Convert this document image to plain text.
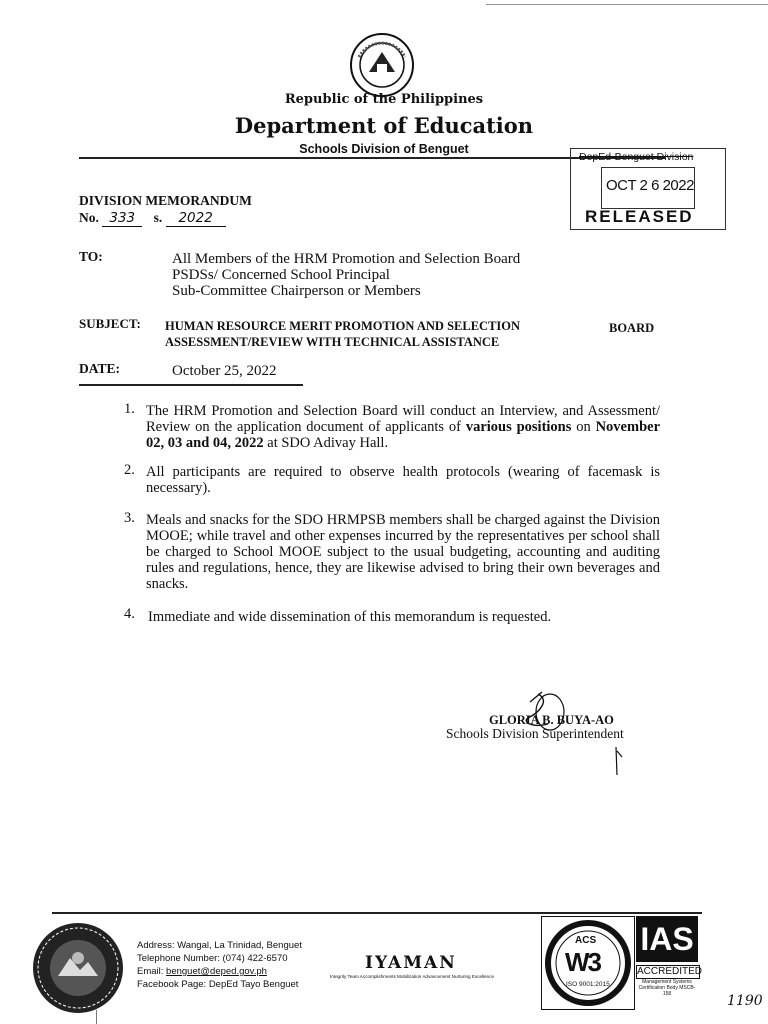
Republic of the Philippines
Department of Education
Schools Division of Benguet
DepEd-Benguet Division
OCT 2 6 2022
RELEASED
DIVISION MEMORANDUM
No. 333 s. 2022
TO:	All Members of the HRM Promotion and Selection Board
PSDSs/ Concerned School Principal
Sub-Committee Chairperson or Members
SUBJECT: HUMAN RESOURCE MERIT PROMOTION AND SELECTION	BOARD
ASSESSMENT/REVIEW WITH TECHNICAL ASSISTANCE
DATE:	October 25, 2022
1. The HRM Promotion and Selection Board will conduct an Interview, and Assessment/ Review on the application document of applicants of various positions on November 02, 03 and 04, 2022 at SDO Adivay Hall.
2. All participants are required to observe health protocols (wearing of facemask is necessary).
3. Meals and snacks for the SDO HRMPSB members shall be charged against the Division MOOE; while travel and other expenses incurred by the representatives per school shall be charged to School MOOE subject to the usual budgeting, accounting and auditing rules and regulations, hence, they are likewise advised to bring their own beverages and snacks.
4. Immediate and wide dissemination of this memorandum is requested.
GLORIA B. BUYA-AO
Schools Division Superintendent
Address: Wangal, La Trinidad, Benguet
Telephone Number: (074) 422-6570
Email: benguet@deped.gov.ph
Facebook Page: DepEd Tayo Benguet
IYAMAN
Integrity Team Accomplishments Mobilization Advancement Nurturing Excellence
ACS
W3
ISO 9001:2015
IAS
ACCREDITED
Management Systems Certification Body MSCB-158	1190
